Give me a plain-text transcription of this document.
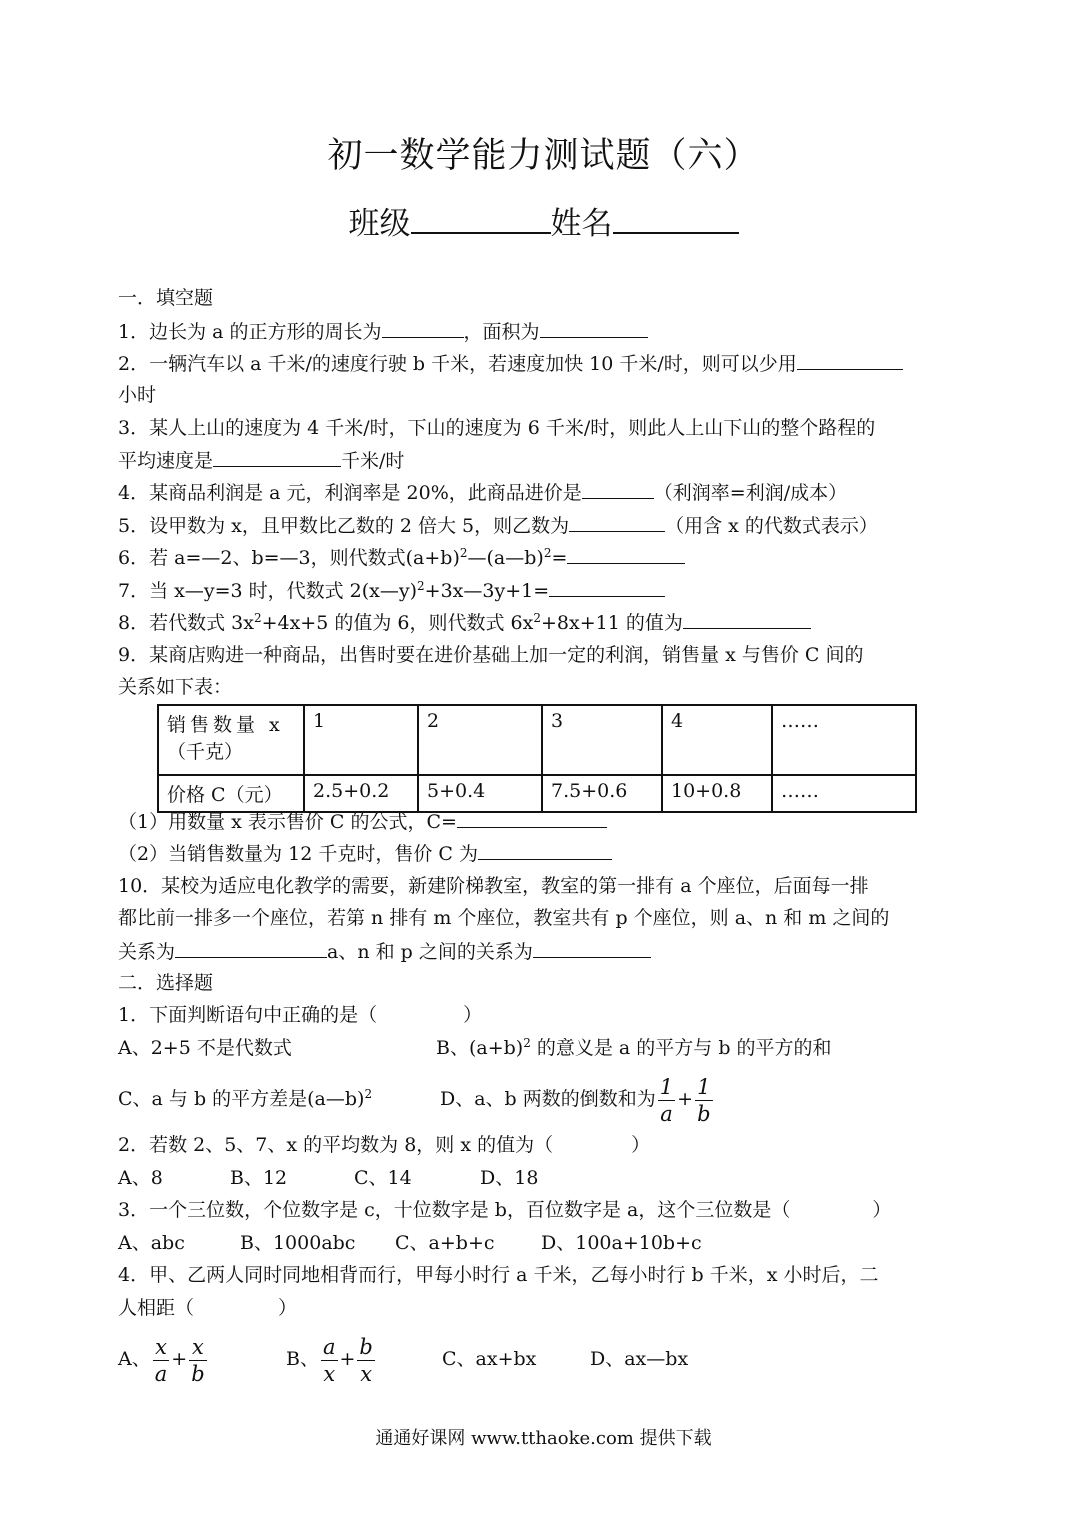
初一数学能力测试题（六）
班级	姓名
一．填空题
1．边长为 a 的正方形的周长为	，面积为
2．一辆汽车以 a 千米/的速度行驶 b 千米，若速度加快 10 千米/时，则可以少用
小时
3．某人上山的速度为 4 千米/时，下山的速度为 6 千米/时，则此人上山下山的整个路程的
平均速度是	千米/时
4．某商品利润是 a 元，利润率是 20%，此商品进价是	（利润率=利润/成本）
5．设甲数为 x，且甲数比乙数的 2 倍大 5，则乙数为	（用含 x 的代数式表示）
6．若 a=—2、b=—3，则代数式$(a+b)^2—(a—b)^2=$
7．当 x—y=3 时，代数式 2(x—y)$^2$+3x—3y+1=
8．若代数式 $3x^2+4x+5$ 的值为 6，则代数式 $6x^2+8x+11$ 的值为
9．某商店购进一种商品，出售时要在进价基础上加一定的利润，销售量 x 与售价 C 间的
关系如下表：
销售数量 x
（千克）	1	2	3	4	……
价格 C（元）	2.5+0.2	5+0.4	7.5+0.6	10+0.8	……
（1）用数量 x 表示售价 C 的公式，C=
（2）当销售数量为 12 千克时，售价 C 为
10．某校为适应电化教学的需要，新建阶梯教室，教室的第一排有 a 个座位，后面每一排
都比前一排多一个座位，若第 n 排有 m 个座位，教室共有 p 个座位，则 a、n 和 m 之间的
关系为	a、n 和 p 之间的关系为
二．选择题
1．下面判断语句中正确的是（	）
A、2+5 不是代数式	B、$(a+b)^2$ 的意义是 a 的平方与 b 的平方的和
C、a 与 b 的平方差是(a—b)$^2$	D、a、b 两数的倒数和为 $\frac{1}{a} + \frac{1}{b}$
2．若数 2、5、7、x 的平均数为 8，则 x 的值为（	）
A、8	B、12	C、14	D、18
3．一个三位数，个位数字是 c，十位数字是 b，百位数字是 a，这个三位数是（	）
A、abc	B、1000abc C、a+b+c D、100a+10b+c
4．甲、乙两人同时同地相背而行，甲每小时行 a 千米，乙每小时行 b 千米，x 小时后，二
人相距（	）
A、 $\frac{x}{a} + \frac{x}{b}$	B、 $\frac{a}{x} + \frac{b}{x}$	C、ax+bx	D、ax—bx
通通好课网 www.tthaoke.com 提供下载
